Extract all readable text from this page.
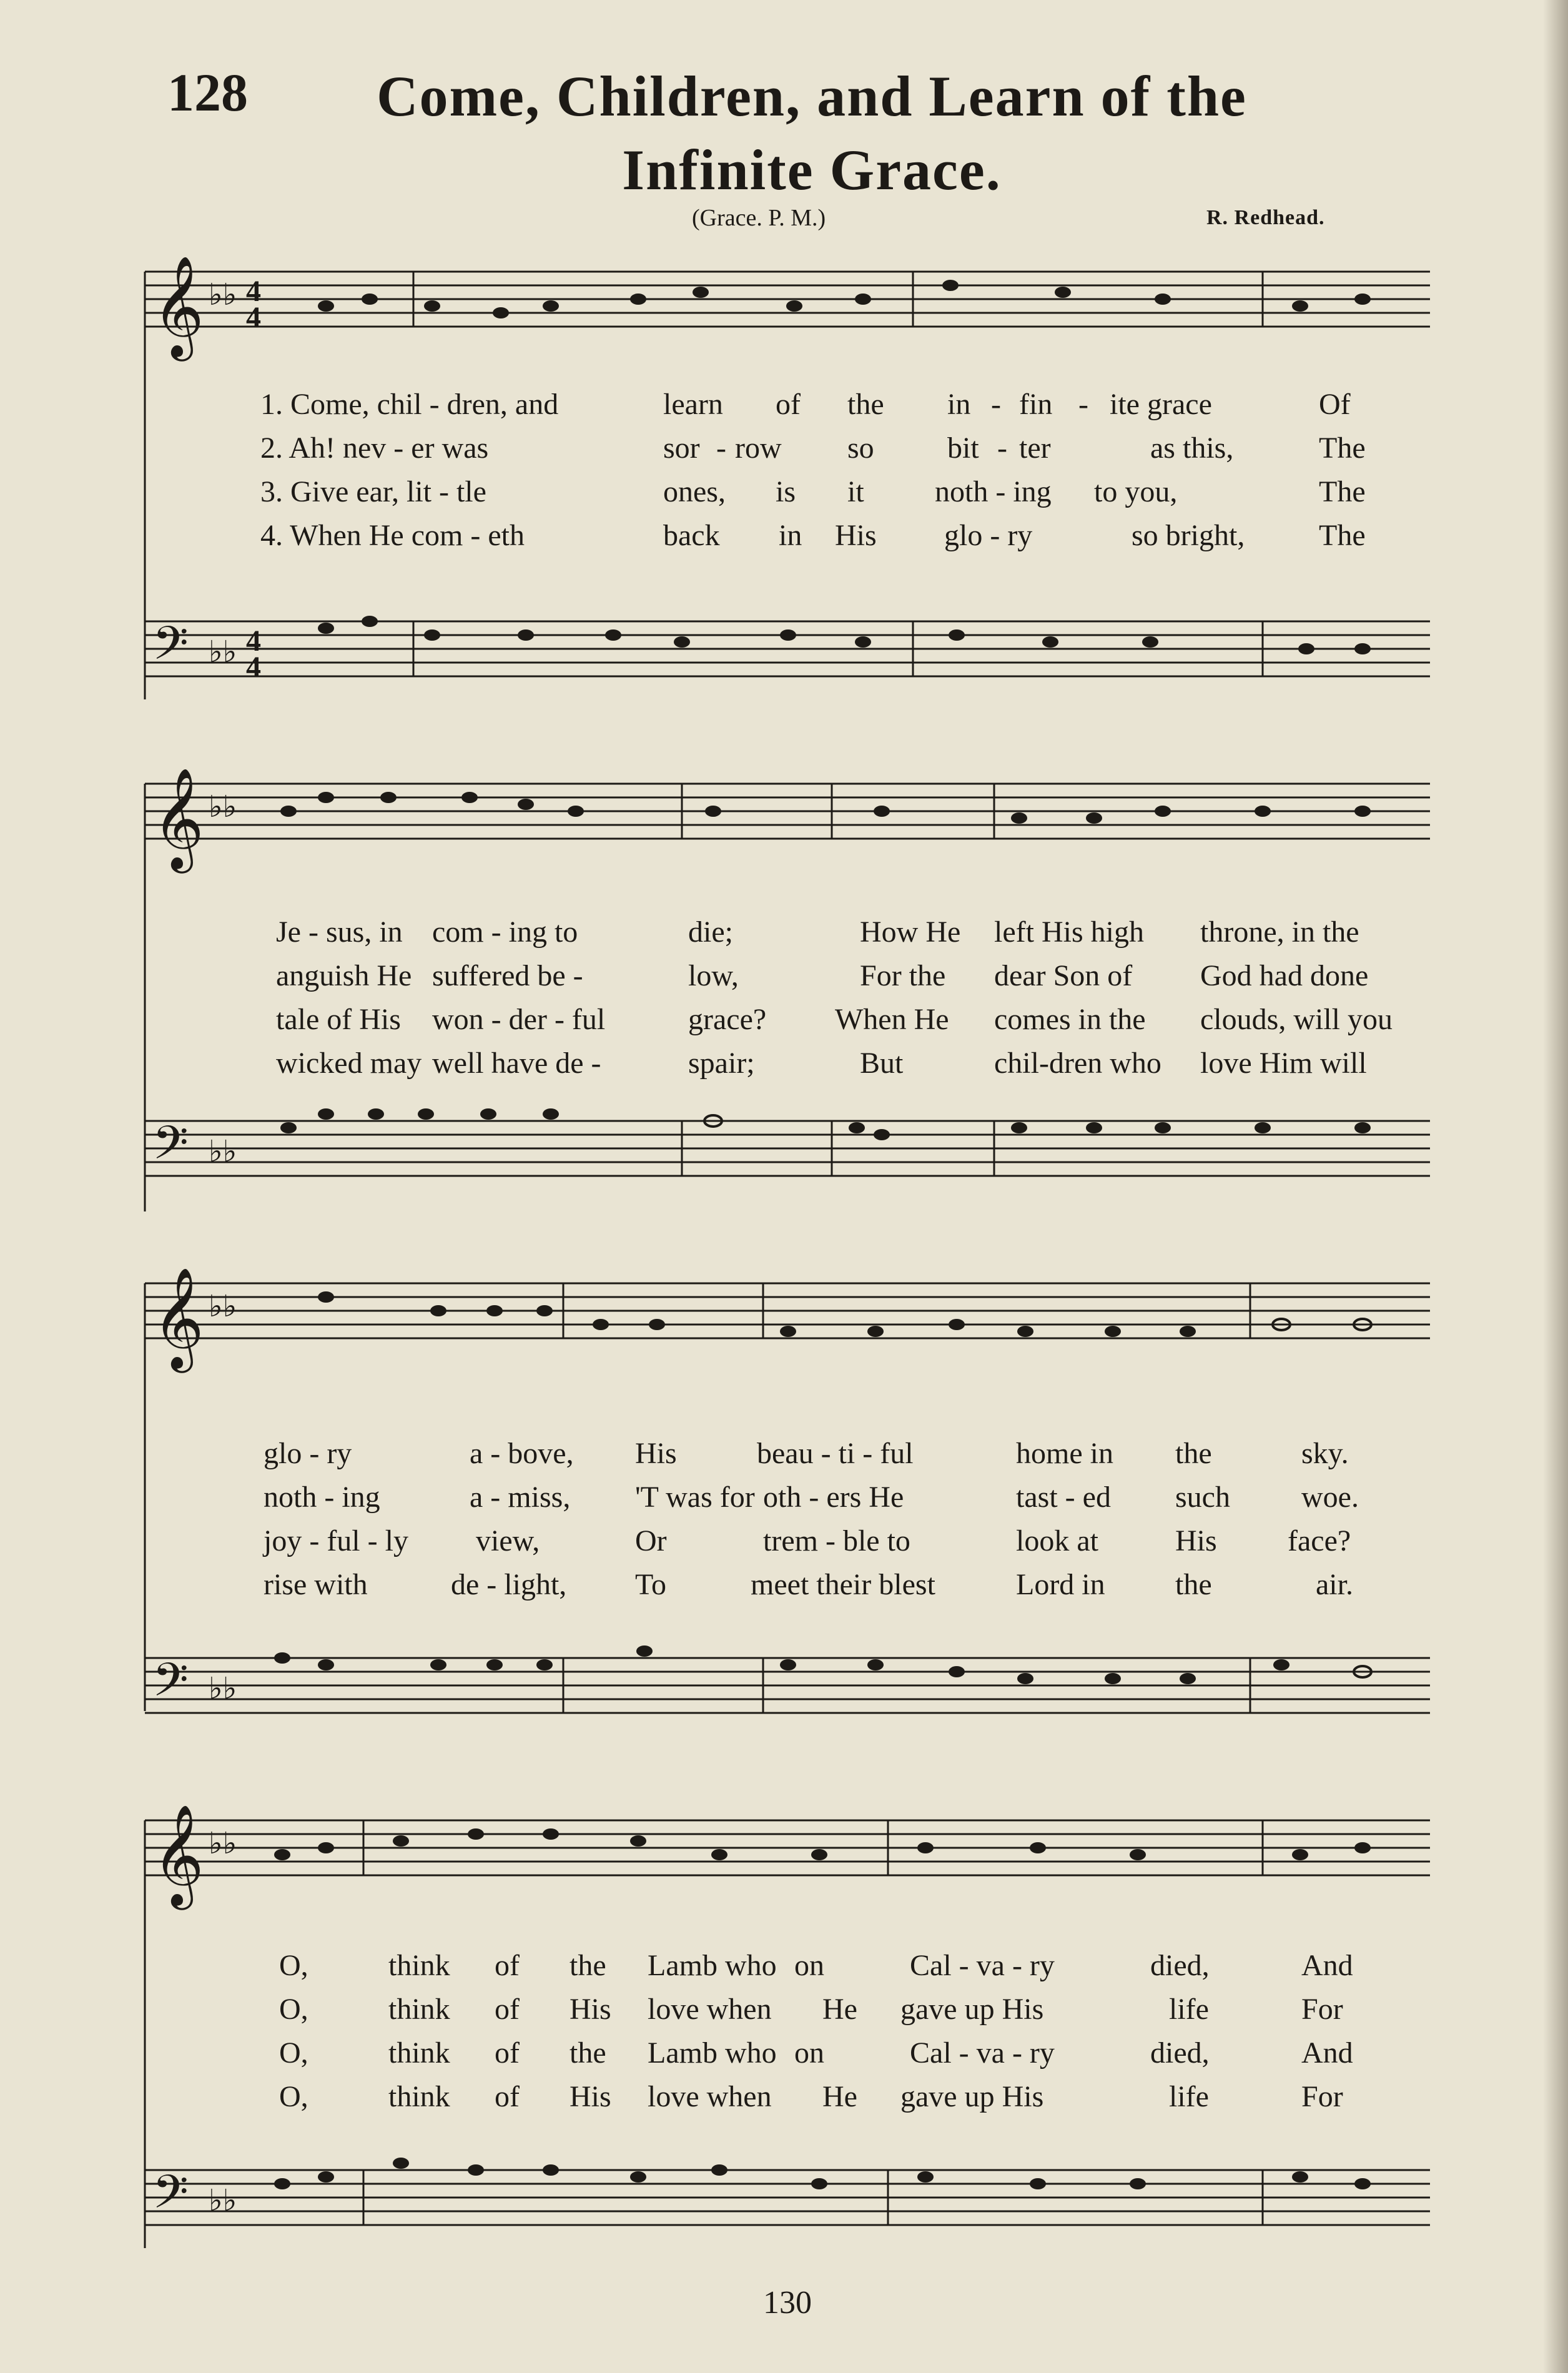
128	Come, Children, and Learn of the
Infinite Grace.
(Grace. P. M.)	R. Redhead.
𝄞 ♭♭ 4
4
1. Come, chil - dren, and	learn of the in - fin - ite grace	Of
2. Ah! nev - er was	sor - row so bit - ter	as this,	The
3. Give ear, lit - tle	ones, is it noth - ing to you,	The
4. When He com - eth	back in His glo - ry	so bright, The
𝄢 ♭♭ 4
4
𝄞 ♭♭
Je - sus, in com - ing to	die;	How He left His high throne, in the
anguish He suffered be -	low,	For the dear Son of God had done
tale of His won - der - ful	grace? When He comes in the clouds, will you
wicked may well have de -	spair;	But	chil-dren who love Him will
𝄢 ♭♭
𝄞 ♭♭
glo - ry	a - bove, His	beau - ti - ful	home in the	sky.
noth - ing	a - miss, 'T was for oth - ers He	tast - ed such woe.
joy - ful - ly view,	Or	trem - ble to	look at	His face?
rise with	de - light, To	meet their blest	Lord in the	air.
𝄢 ♭♭
𝄞 ♭♭
O,	think of the Lamb who on	Cal - va - ry	died,	And
O,	think of His love when He gave up His	life	For
O,	think of the Lamb who on	Cal - va - ry	died,	And
O,	think of His love when He gave up His	life	For
𝄢 ♭♭
130
